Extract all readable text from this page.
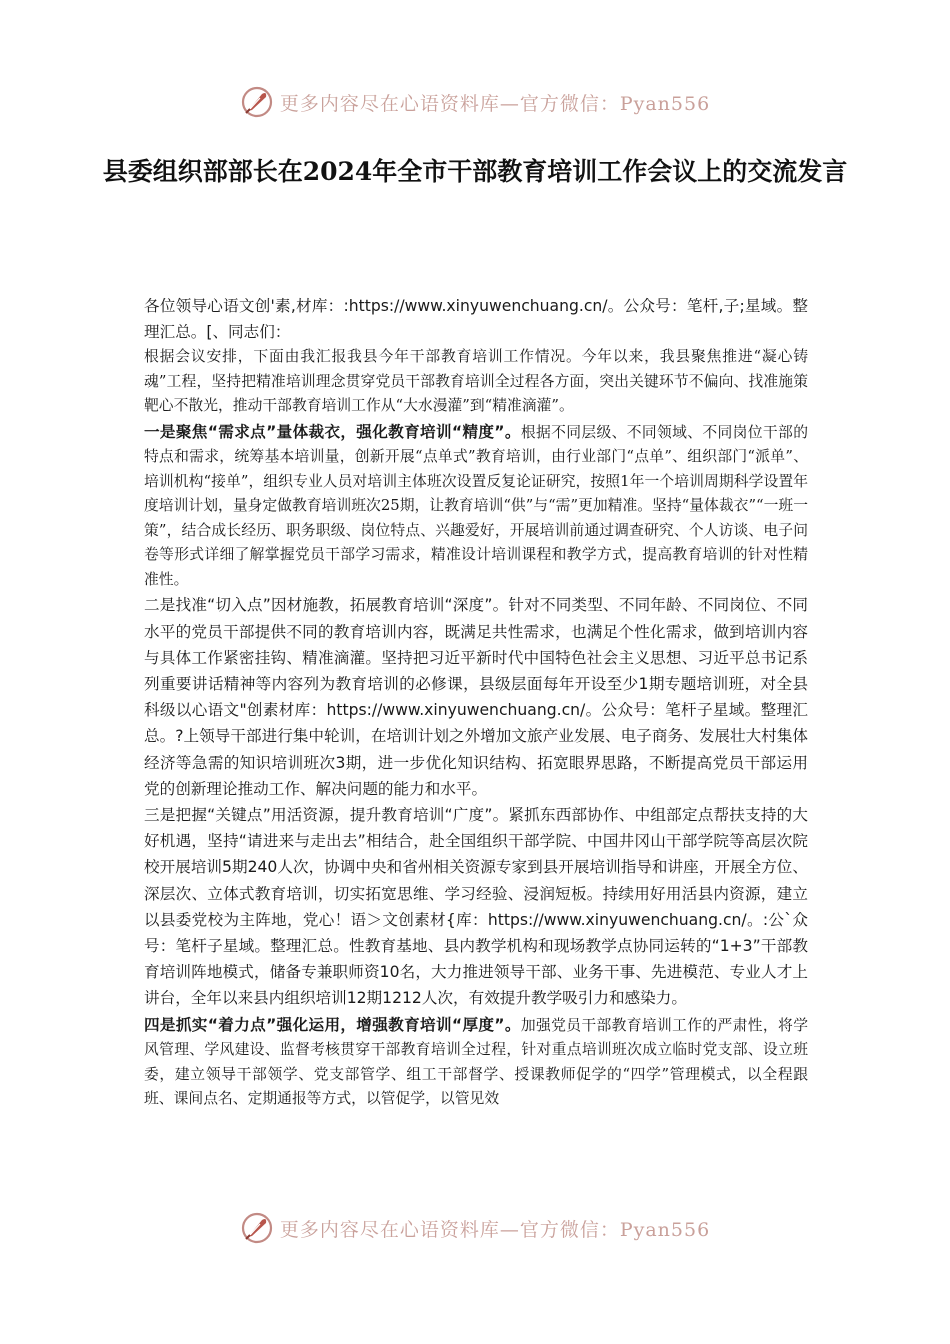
更多内容尽在心语资料库—官方微信：Pyan556
县委组织部部长在2024年全市干部教育培训工作会议上的交流发言

各位领导心语文创'素,材库：:https://www.xinyuwenchuang.cn/。公众号：笔杆,子;星域。整理汇总。[、同志们：

根据会议安排，下面由我汇报我县今年干部教育培训工作情况。今年以来，我县聚焦推进“凝心铸魂”工程，坚持把精准培训理念贯穿党员干部教育培训全过程各方面，突出关键环节不偏向、找准施策靶心不散光，推动干部教育培训工作从“大水漫灌”到“精准滴灌”。

一是聚焦“需求点”量体裁衣，强化教育培训“精度”。根据不同层级、不同领域、不同岗位干部的特点和需求，统筹基本培训量，创新开展“点单式”教育培训，由行业部门“点单”、组织部门“派单”、培训机构“接单”，组织专业人员对培训主体班次设置反复论证研究，按照1年一个培训周期科学设置年度培训计划，量身定做教育培训班次25期，让教育培训“供”与“需”更加精准。坚持“量体裁衣”“一班一策”，结合成长经历、职务职级、岗位特点、兴趣爱好，开展培训前通过调查研究、个人访谈、电子问卷等形式详细了解掌握党员干部学习需求，精准设计培训课程和教学方式，提高教育培训的针对性精准性。

二是找准“切入点”因材施教，拓展教育培训“深度”。针对不同类型、不同年龄、不同岗位、不同水平的党员干部提供不同的教育培训内容，既满足共性需求，也满足个性化需求，做到培训内容与具体工作紧密挂钩、精准滴灌。坚持把习近平新时代中国特色社会主义思想、习近平总书记系列重要讲话精神等内容列为教育培训的必修课，县级层面每年开设至少1期专题培训班，对全县科级以心语文"创素材库：https://www.xinyuwenchuang.cn/。公众号：笔杆子星域。整理汇总。?上领导干部进行集中轮训，在培训计划之外增加文旅产业发展、电子商务、发展壮大村集体经济等急需的知识培训班次3期，进一步优化知识结构、拓宽眼界思路，不断提高党员干部运用党的创新理论推动工作、解决问题的能力和水平。

三是把握“关键点”用活资源，提升教育培训“广度”。紧抓东西部协作、中组部定点帮扶支持的大好机遇，坚持“请进来与走出去”相结合，赴全国组织干部学院、中国井冈山干部学院等高层次院校开展培训5期240人次，协调中央和省州相关资源专家到县开展培训指导和讲座，开展全方位、深层次、立体式教育培训，切实拓宽思维、学习经验、浸润短板。持续用好用活县内资源，建立以县委党校为主阵地，党心！语＞文创素材{库：https://www.xinyuwenchuang.cn/。:公`众号：笔杆子星域。整理汇总。性教育基地、县内教学机构和现场教学点协同运转的“1+3”干部教育培训阵地模式，储备专兼职师资10名，大力推进领导干部、业务干事、先进模范、专业人才上讲台，全年以来县内组织培训12期1212人次，有效提升教学吸引力和感染力。

四是抓实“着力点”强化运用，增强教育培训“厚度”。加强党员干部教育培训工作的严肃性，将学风管理、学风建设、监督考核贯穿干部教育培训全过程，针对重点培训班次成立临时党支部、设立班委，建立领导干部领学、党支部管学、组工干部督学、授课教师促学的“四学”管理模式，以全程跟班、课间点名、定期通报等方式，以管促学，以管见效

更多内容尽在心语资料库—官方微信：Pyan556
